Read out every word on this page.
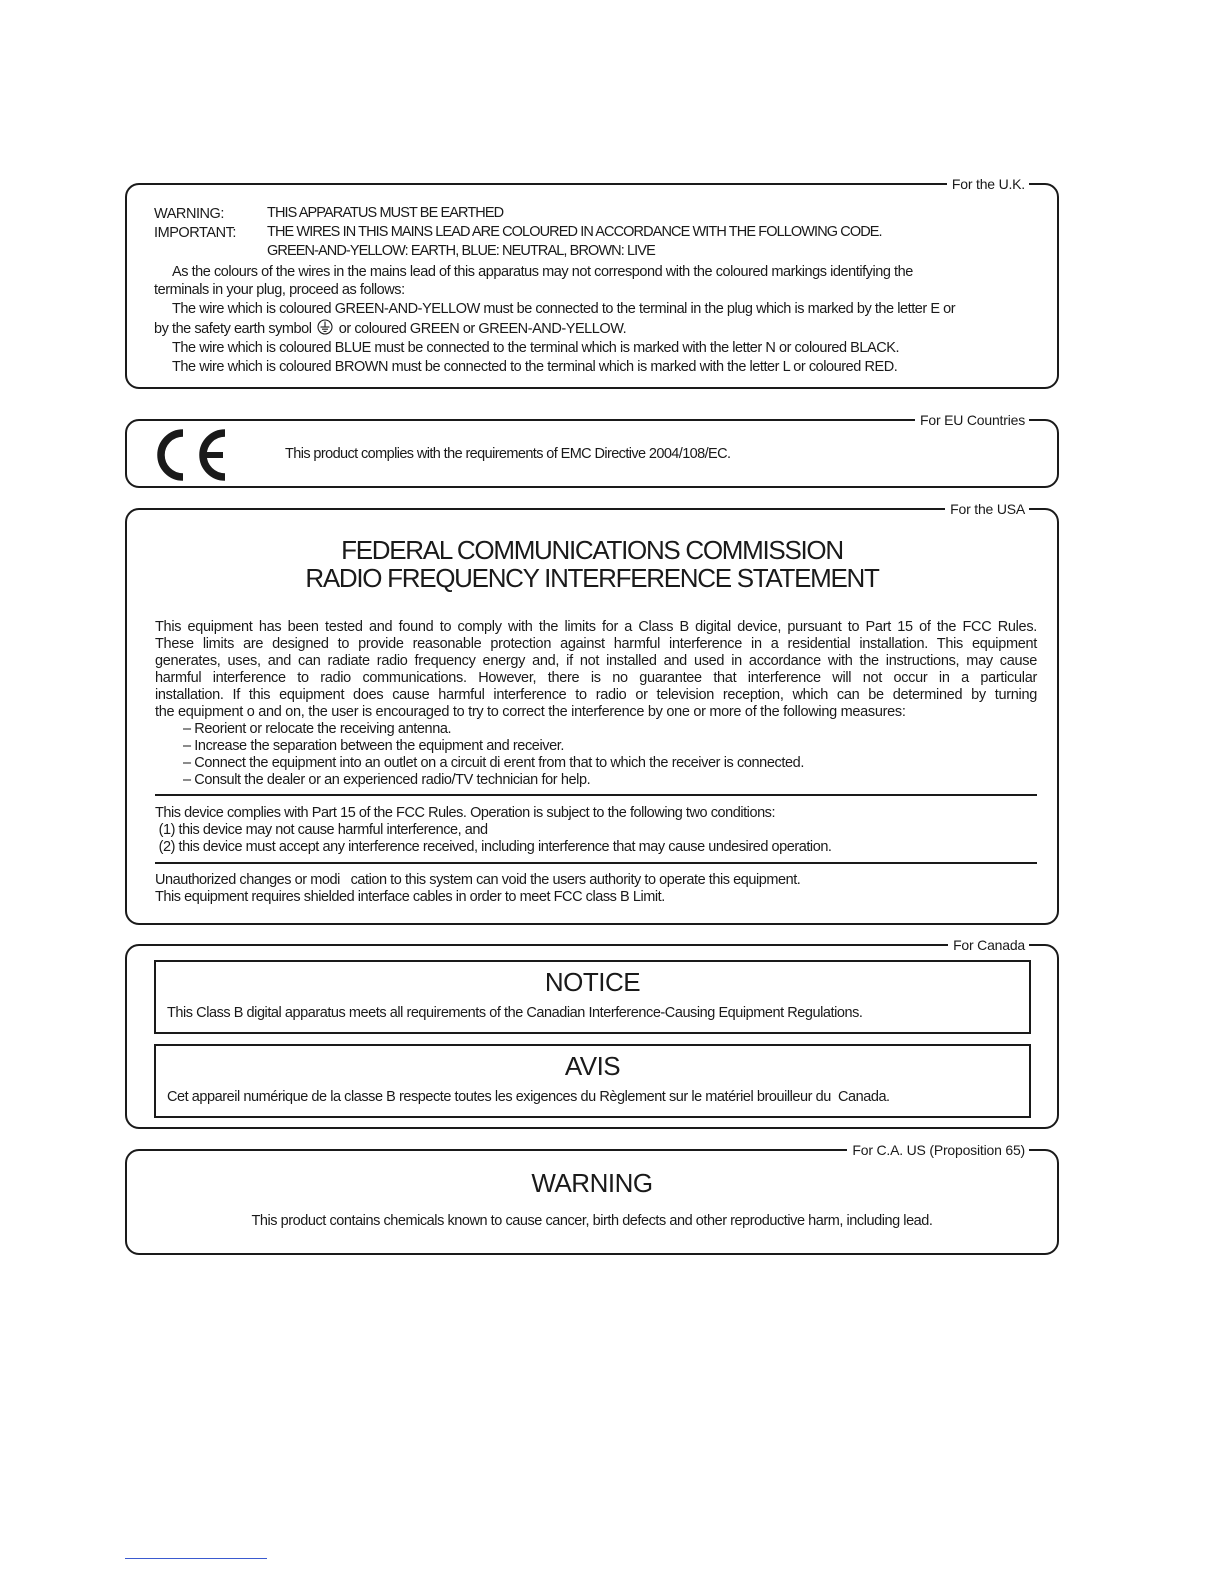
For the U.K.
WARNING:	THIS APPARATUS MUST BE EARTHED
IMPORTANT: THE WIRES IN THIS MAINS LEAD ARE COLOURED IN ACCORDANCE WITH THE FOLLOWING CODE.
GREEN-AND-YELLOW: EARTH, BLUE: NEUTRAL, BROWN: LIVE
As the colours of the wires in the mains lead of this apparatus may not correspond with the coloured markings identifying the
terminals in your plug, proceed as follows:
The wire which is coloured GREEN-AND-YELLOW must be connected to the terminal in the plug which is marked by the letter E or
by the safety earth symbol or coloured GREEN or GREEN-AND-YELLOW.
The wire which is coloured BLUE must be connected to the terminal which is marked with the letter N or coloured BLACK.
The wire which is coloured BROWN must be connected to the terminal which is marked with the letter L or coloured RED.
For EU Countries
This product complies with the requirements of EMC Directive 2004/108/EC.
For the USA
FEDERAL COMMUNICATIONS COMMISSION
RADIO FREQUENCY INTERFERENCE STATEMENT
This equipment has been tested and found to comply with the limits for a Class B digital device, pursuant to Part 15 of the FCC Rules.
These limits are designed to provide reasonable protection against harmful interference in a residential installation. This equipment
generates, uses, and can radiate radio frequency energy and, if not installed and used in accordance with the instructions, may cause
harmful interference to radio communications. However, there is no guarantee that interference will not occur in a particular
installation. If this equipment does cause harmful interference to radio or television reception, which can be determined by turning
the equipment o and on, the user is encouraged to try to correct the interference by one or more of the following measures:
– Reorient or relocate the receiving antenna.
– Increase the separation between the equipment and receiver.
– Connect the equipment into an outlet on a circuit di erent from that to which the receiver is connected.
– Consult the dealer or an experienced radio/TV technician for help.
This device complies with Part 15 of the FCC Rules. Operation is subject to the following two conditions:
(1) this device may not cause harmful interference, and
(2) this device must accept any interference received, including interference that may cause undesired operation.
Unauthorized changes or modi   cation to this system can void the users authority to operate this equipment.
This equipment requires shielded interface cables in order to meet FCC class B Limit.
For Canada
NOTICE
This Class B digital apparatus meets all requirements of the Canadian Interference-Causing Equipment Regulations.
AVIS
Cet appareil numérique de la classe B respecte toutes les exigences du Règlement sur le matériel brouilleur du  Canada.
For C.A. US (Proposition 65)
WARNING
This product contains chemicals known to cause cancer, birth defects and other reproductive harm, including lead.
